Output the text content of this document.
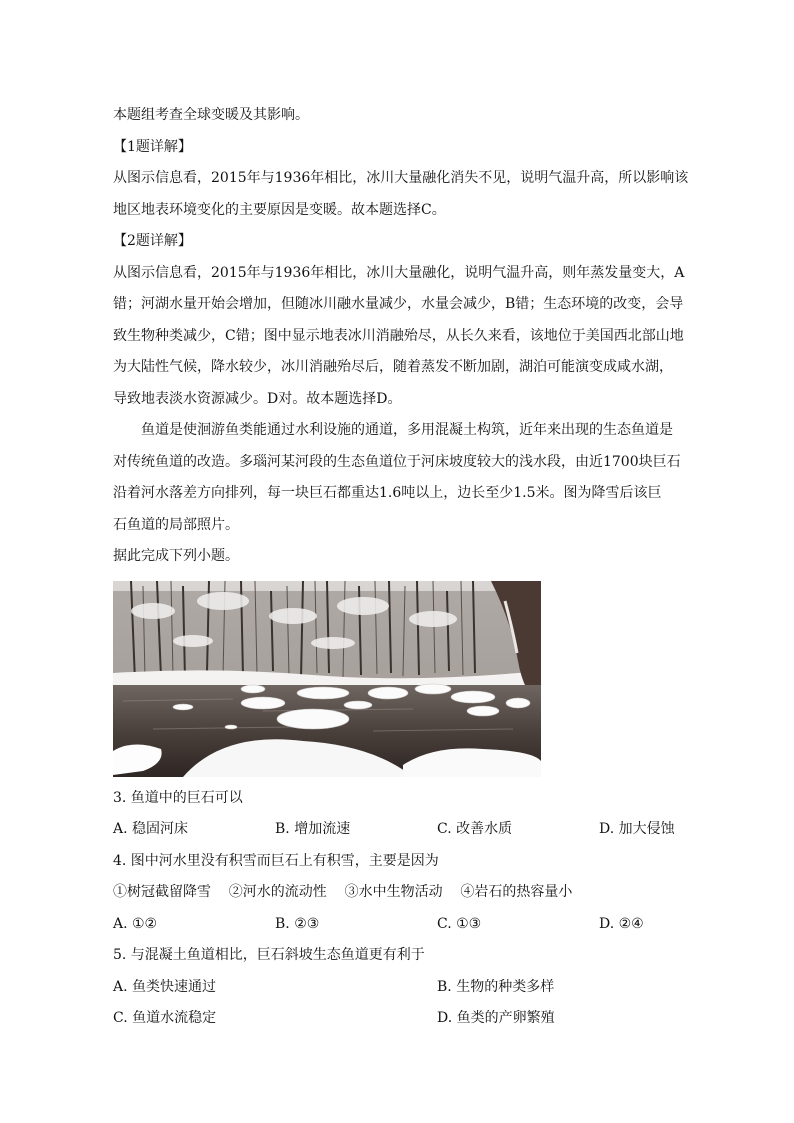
本题组考查全球变暖及其影响。
【1题详解】
从图示信息看，2015年与1936年相比，冰川大量融化消失不见，说明气温升高，所以影响该
地区地表环境变化的主要原因是变暖。故本题选择C。
【2题详解】
从图示信息看，2015年与1936年相比，冰川大量融化，说明气温升高，则年蒸发量变大，A
错；河湖水量开始会增加，但随冰川融水量减少，水量会减少，B错；生态环境的改变，会导
致生物种类减少，C错；图中显示地表冰川消融殆尽，从长久来看，该地位于美国西北部山地
为大陆性气候，降水较少，冰川消融殆尽后，随着蒸发不断加剧，湖泊可能演变成咸水湖，
导致地表淡水资源减少。D对。故本题选择D。
鱼道是使洄游鱼类能通过水利设施的通道，多用混凝土构筑，近年来出现的生态鱼道是
对传统鱼道的改造。多瑙河某河段的生态鱼道位于河床坡度较大的浅水段，由近1700块巨石
沿着河水落差方向排列，每一块巨石都重达1.6吨以上，边长至少1.5米。图为降雪后该巨
石鱼道的局部照片。
据此完成下列小题。
3. 鱼道中的巨石可以
A. 稳固河床	B. 增加流速	C. 改善水质	D. 加大侵蚀
4. 图中河水里没有积雪而巨石上有积雪，主要是因为
①树冠截留降雪    ②河水的流动性    ③水中生物活动    ④岩石的热容量小
A. ①②	B. ②③	C. ①③	D. ②④
5. 与混凝土鱼道相比，巨石斜坡生态鱼道更有利于
A. 鱼类快速通过	B. 生物的种类多样
C. 鱼道水流稳定	D. 鱼类的产卵繁殖
